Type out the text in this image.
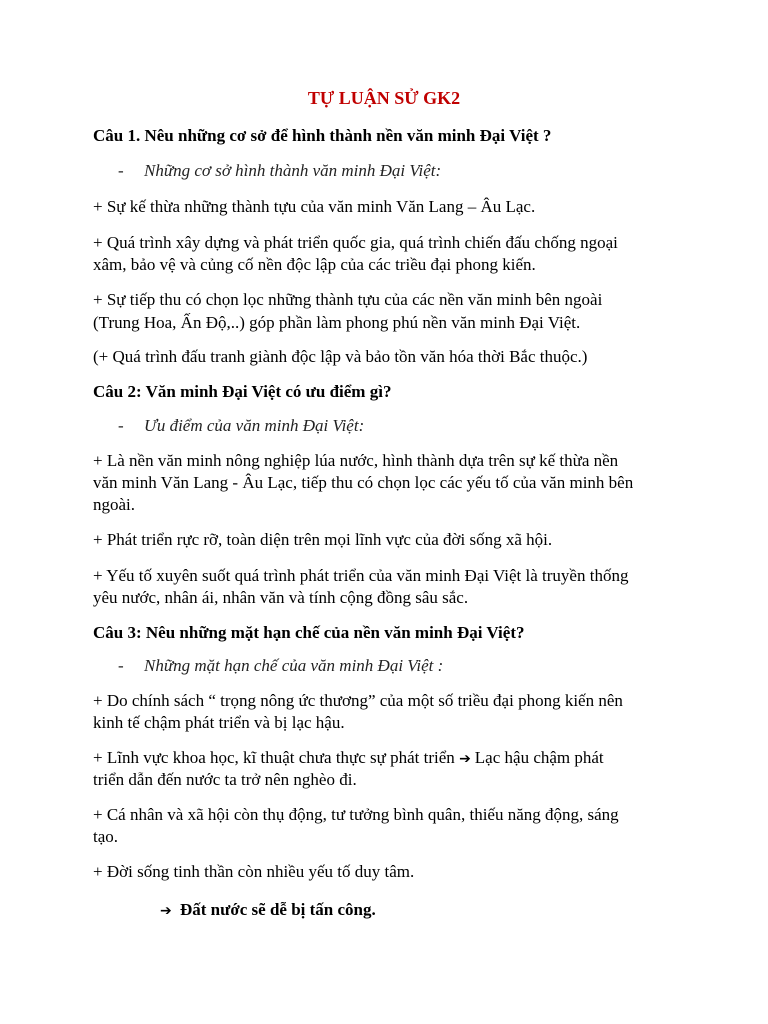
TỰ LUẬN SỬ GK2
Câu 1. Nêu những cơ sở để hình thành nền văn minh Đại Việt ?
- Những cơ sở hình thành văn minh Đại Việt:
+ Sự kế thừa những thành tựu của văn minh Văn Lang – Âu Lạc.
+ Quá trình xây dựng và phát triển quốc gia, quá trình chiến đấu chống ngoại
xâm, bảo vệ và củng cố nền độc lập của các triều đại phong kiến.
+ Sự tiếp thu có chọn lọc những thành tựu của các nền văn minh bên ngoài
(Trung Hoa, Ấn Độ,..) góp phần làm phong phú nền văn minh Đại Việt.
(+ Quá trình đấu tranh giành độc lập và bảo tồn văn hóa thời Bắc thuộc.)
Câu 2: Văn minh Đại Việt có ưu điểm gì?
- Ưu điểm của văn minh Đại Việt:
+ Là nền văn minh nông nghiệp lúa nước, hình thành dựa trên sự kế thừa nền
văn minh Văn Lang - Âu Lạc, tiếp thu có chọn lọc các yếu tố của văn minh bên
ngoài.
+ Phát triển rực rỡ, toàn diện trên mọi lĩnh vực của đời sống xã hội.
+ Yếu tố xuyên suốt quá trình phát triển của văn minh Đại Việt là truyền thống
yêu nước, nhân ái, nhân văn và tính cộng đồng sâu sắc.
Câu 3: Nêu những mặt hạn chế của nền văn minh Đại Việt?
- Những mặt hạn chế của văn minh Đại Việt :
+ Do chính sách “ trọng nông ức thương” của một số triều đại phong kiến nên
kinh tế chậm phát triển và bị lạc hậu.
+ Lĩnh vực khoa học, kĩ thuật chưa thực sự phát triển ➔ Lạc hậu chậm phát
triển dẫn đến nước ta trở nên nghèo đi.
+ Cá nhân và xã hội còn thụ động, tư tưởng bình quân, thiếu năng động, sáng
tạo.
+ Đời sống tinh thần còn nhiều yếu tố duy tâm.
➔ Đất nước sẽ dễ bị tấn công.
